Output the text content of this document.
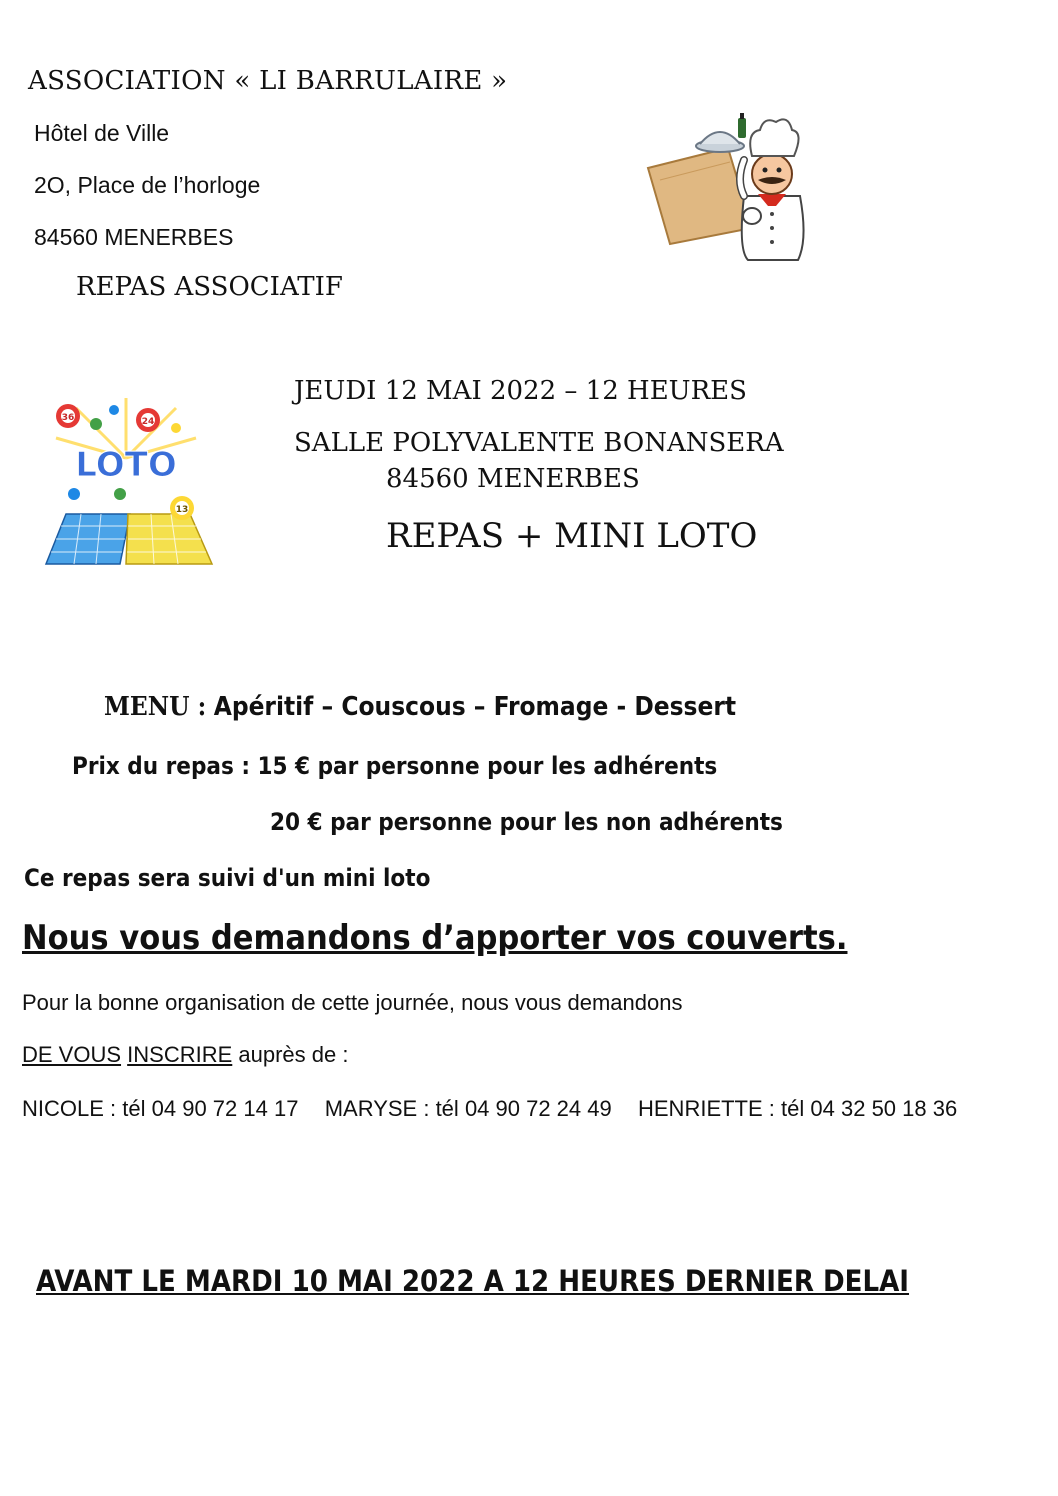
ASSOCIATION « LI BARRULAIRE »
Hôtel de Ville
2O, Place de l’horloge
84560 MENERBES
REPAS ASSOCIATIF
36	24
LOTO
13
JEUDI 12 MAI 2022 – 12 HEURES
SALLE POLYVALENTE BONANSERA
84560 MENERBES
REPAS + MINI LOTO
MENU : Apéritif – Couscous – Fromage - Dessert
Prix du repas : 15 € par personne pour les adhérents
20 € par personne pour les non adhérents
Ce repas sera suivi d'un mini loto
Nous vous demandons d’apporter vos couverts.
Pour la bonne organisation de cette journée, nous vous demandons
DE VOUS INSCRIRE auprès de :
NICOLE : tél 04 90 72 14 17 MARYSE : tél 04 90 72 24 49 HENRIETTE : tél 04 32 50 18 36
AVANT LE MARDI 10 MAI 2022 A 12 HEURES DERNIER DELAI
